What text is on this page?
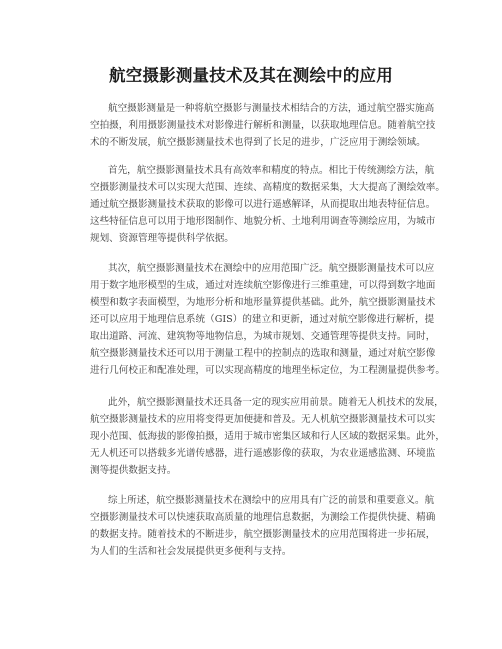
航空摄影测量技术及其在测绘中的应用
航空摄影测量是一种将航空摄影与测量技术相结合的方法，通过航空器实施高
空拍摄，利用摄影测量技术对影像进行解析和测量，以获取地理信息。随着航空技
术的不断发展，航空摄影测量技术也得到了长足的进步，广泛应用于测绘领域。
首先，航空摄影测量技术具有高效率和精度的特点。相比于传统测绘方法，航
空摄影测量技术可以实现大范围、连续、高精度的数据采集，大大提高了测绘效率。
通过航空摄影测量技术获取的影像可以进行遥感解译，从而提取出地表特征信息。
这些特征信息可以用于地形图制作、地貌分析、土地利用调查等测绘应用，为城市
规划、资源管理等提供科学依据。
其次，航空摄影测量技术在测绘中的应用范围广泛。航空摄影测量技术可以应
用于数字地形模型的生成，通过对连续航空影像进行三维重建，可以得到数字地面
模型和数字表面模型，为地形分析和地形量算提供基础。此外，航空摄影测量技术
还可以应用于地理信息系统（GIS）的建立和更新，通过对航空影像进行解析，提
取出道路、河流、建筑物等地物信息，为城市规划、交通管理等提供支持。同时，
航空摄影测量技术还可以用于测量工程中的控制点的选取和测量，通过对航空影像
进行几何校正和配准处理，可以实现高精度的地理坐标定位，为工程测量提供参考。
此外，航空摄影测量技术还具备一定的现实应用前景。随着无人机技术的发展，
航空摄影测量技术的应用将变得更加便捷和普及。无人机航空摄影测量技术可以实
现小范围、低海拔的影像拍摄，适用于城市密集区域和行人区域的数据采集。此外，
无人机还可以搭载多光谱传感器，进行遥感影像的获取，为农业遥感监测、环境监
测等提供数据支持。
综上所述，航空摄影测量技术在测绘中的应用具有广泛的前景和重要意义。航
空摄影测量技术可以快速获取高质量的地理信息数据，为测绘工作提供快捷、精确
的数据支持。随着技术的不断进步，航空摄影测量技术的应用范围将进一步拓展，
为人们的生活和社会发展提供更多便利与支持。
